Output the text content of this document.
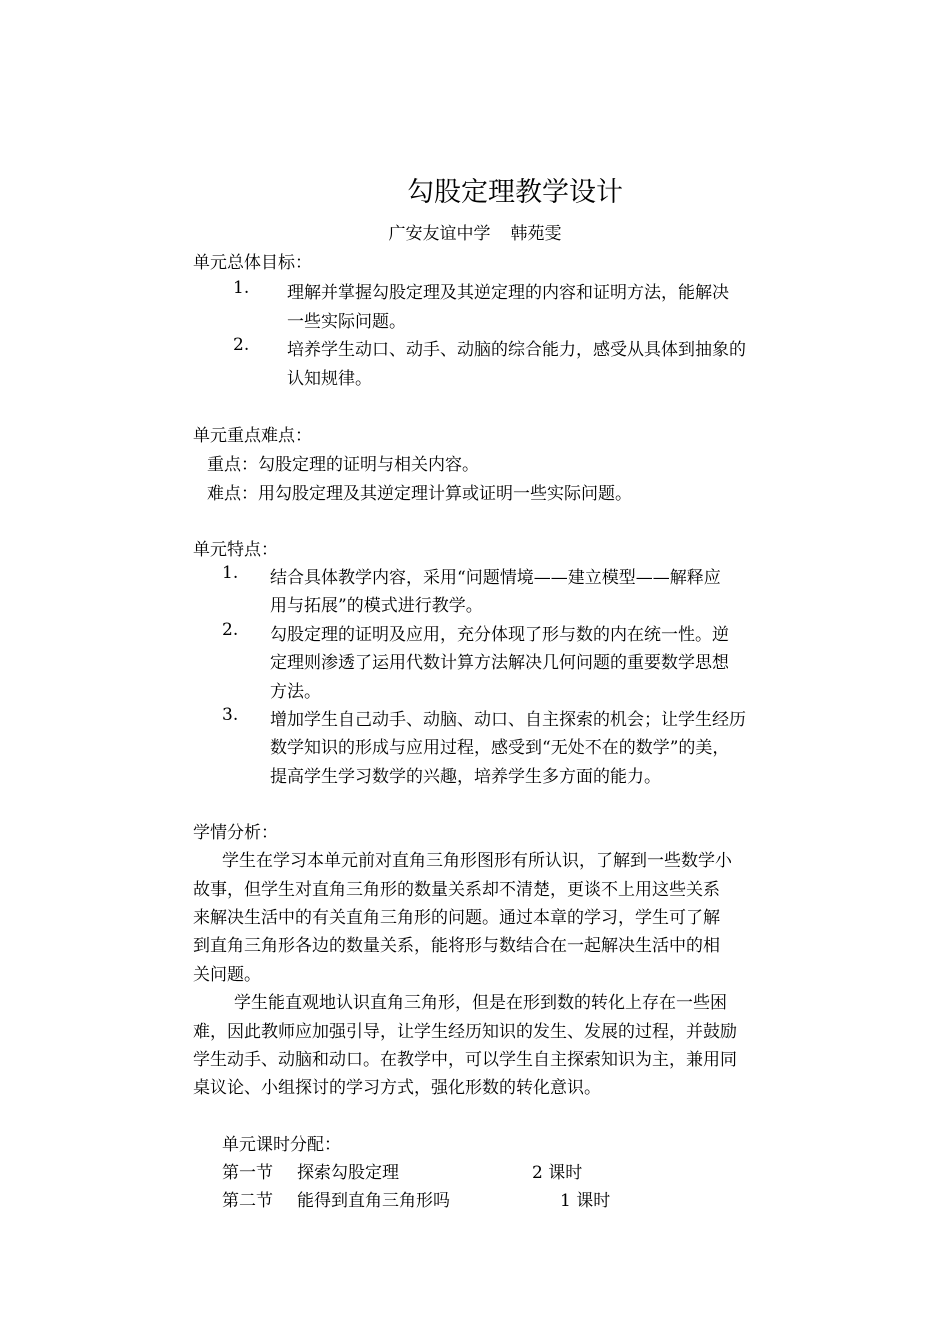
勾股定理教学设计
广安友谊中学 韩苑雯
单元总体目标：
1. 理解并掌握勾股定理及其逆定理的内容和证明方法，能解决
一些实际问题。
2. 培养学生动口、动手、动脑的综合能力，感受从具体到抽象的
认知规律。
单元重点难点：
重点：勾股定理的证明与相关内容。
难点：用勾股定理及其逆定理计算或证明一些实际问题。
单元特点：
1. 结合具体教学内容，采用“问题情境——建立模型——解释应
用与拓展”的模式进行教学。
2. 勾股定理的证明及应用，充分体现了形与数的内在统一性。逆
定理则渗透了运用代数计算方法解决几何问题的重要数学思想
方法。
3. 增加学生自己动手、动脑、动口、自主探索的机会；让学生经历
数学知识的形成与应用过程，感受到“无处不在的数学”的美，
提高学生学习数学的兴趣，培养学生多方面的能力。
学情分析：
学生在学习本单元前对直角三角形图形有所认识，了解到一些数学小
故事，但学生对直角三角形的数量关系却不清楚，更谈不上用这些关系
来解决生活中的有关直角三角形的问题。通过本章的学习，学生可了解
到直角三角形各边的数量关系，能将形与数结合在一起解决生活中的相
关问题。
学生能直观地认识直角三角形，但是在形到数的转化上存在一些困
难，因此教师应加强引导，让学生经历知识的发生、发展的过程，并鼓励
学生动手、动脑和动口。在教学中，可以学生自主探索知识为主，兼用同
桌议论、小组探讨的学习方式，强化形数的转化意识。
单元课时分配：
第一节 探索勾股定理	2 课时
第二节 能得到直角三角形吗	1 课时
